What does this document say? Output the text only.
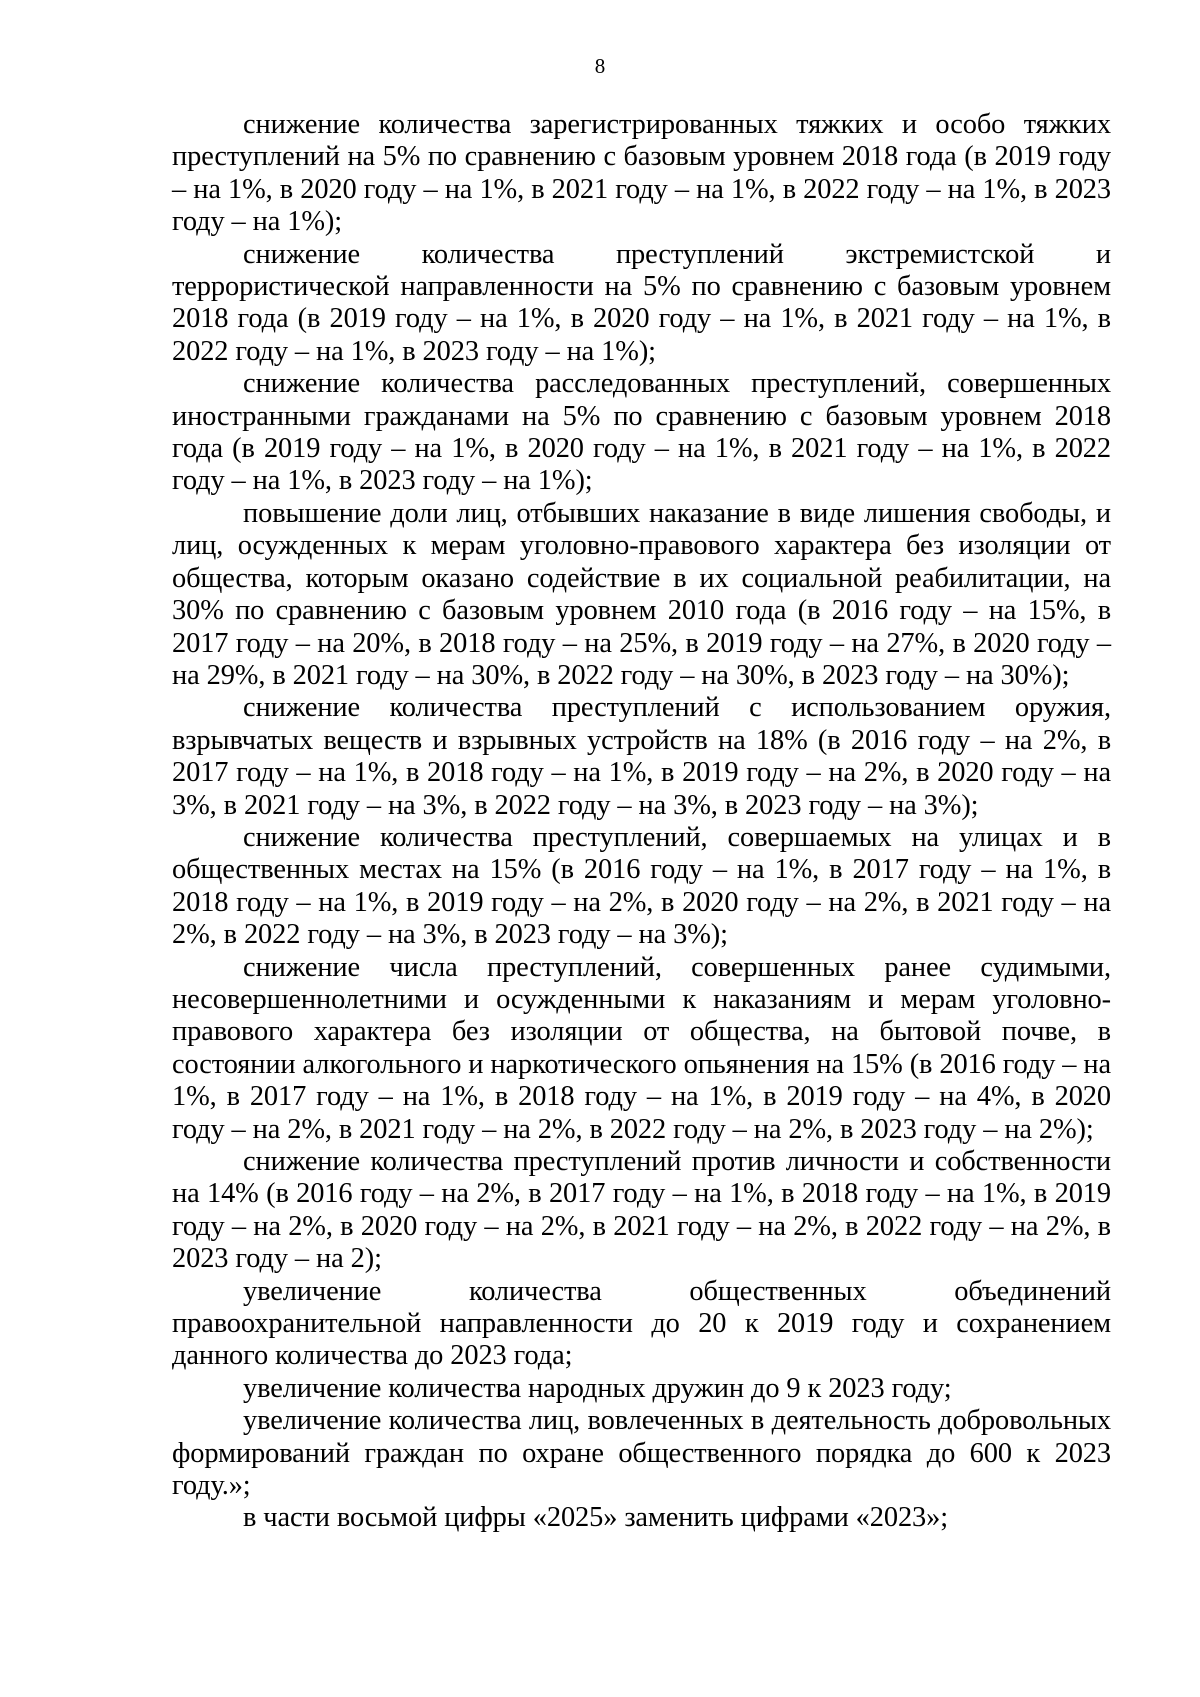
8

снижение количества зарегистрированных тяжких и особо тяжких преступлений на 5% по сравнению с базовым уровнем 2018 года (в 2019 году – на 1%, в 2020 году – на 1%, в 2021 году – на 1%, в 2022 году – на 1%, в 2023 году – на 1%);

снижение количества преступлений экстремистской и террористической направленности на 5% по сравнению с базовым уровнем 2018 года (в 2019 году – на 1%, в 2020 году – на 1%, в 2021 году – на 1%, в 2022 году – на 1%, в 2023 году – на 1%);

снижение количества расследованных преступлений, совершенных иностранными гражданами на 5% по сравнению с базовым уровнем 2018 года (в 2019 году – на 1%, в 2020 году – на 1%, в 2021 году – на 1%, в 2022 году – на 1%, в 2023 году – на 1%);

повышение доли лиц, отбывших наказание в виде лишения свободы, и лиц, осужденных к мерам уголовно-правового характера без изоляции от общества, которым оказано содействие в их социальной реабилитации, на 30% по сравнению с базовым уровнем 2010 года (в 2016 году – на 15%, в 2017 году – на 20%, в 2018 году – на 25%, в 2019 году – на 27%, в 2020 году – на 29%, в 2021 году – на 30%, в 2022 году – на 30%, в 2023 году – на 30%);

снижение количества преступлений с использованием оружия, взрывчатых веществ и взрывных устройств на 18% (в 2016 году – на 2%, в 2017 году – на 1%, в 2018 году – на 1%, в 2019 году – на 2%, в 2020 году – на 3%, в 2021 году – на 3%, в 2022 году – на 3%, в 2023 году – на 3%);

снижение количества преступлений, совершаемых на улицах и в общественных местах на 15% (в 2016 году – на 1%, в 2017 году – на 1%, в 2018 году – на 1%, в 2019 году – на 2%, в 2020 году – на 2%, в 2021 году – на 2%, в 2022 году – на 3%, в 2023 году – на 3%);

снижение числа преступлений, совершенных ранее судимыми, несовершеннолетними и осужденными к наказаниям и мерам уголовно-правового характера без изоляции от общества, на бытовой почве, в состоянии алкогольного и наркотического опьянения на 15% (в 2016 году – на 1%, в 2017 году – на 1%, в 2018 году – на 1%, в 2019 году – на 4%, в 2020 году – на 2%, в 2021 году – на 2%, в 2022 году – на 2%, в 2023 году – на 2%);

снижение количества преступлений против личности и собственности на 14% (в 2016 году – на 2%, в 2017 году – на 1%, в 2018 году – на 1%, в 2019 году – на 2%, в 2020 году – на 2%, в 2021 году – на 2%, в 2022 году – на 2%, в 2023 году – на 2);

увеличение количества общественных объединений правоохранительной направленности до 20 к 2019 году и сохранением данного количества до 2023 года;

увеличение количества народных дружин до 9 к 2023 году;

увеличение количества лиц, вовлеченных в деятельность добровольных формирований граждан по охране общественного порядка до 600 к 2023 году.»;

в части восьмой цифры «2025» заменить цифрами «2023»;
